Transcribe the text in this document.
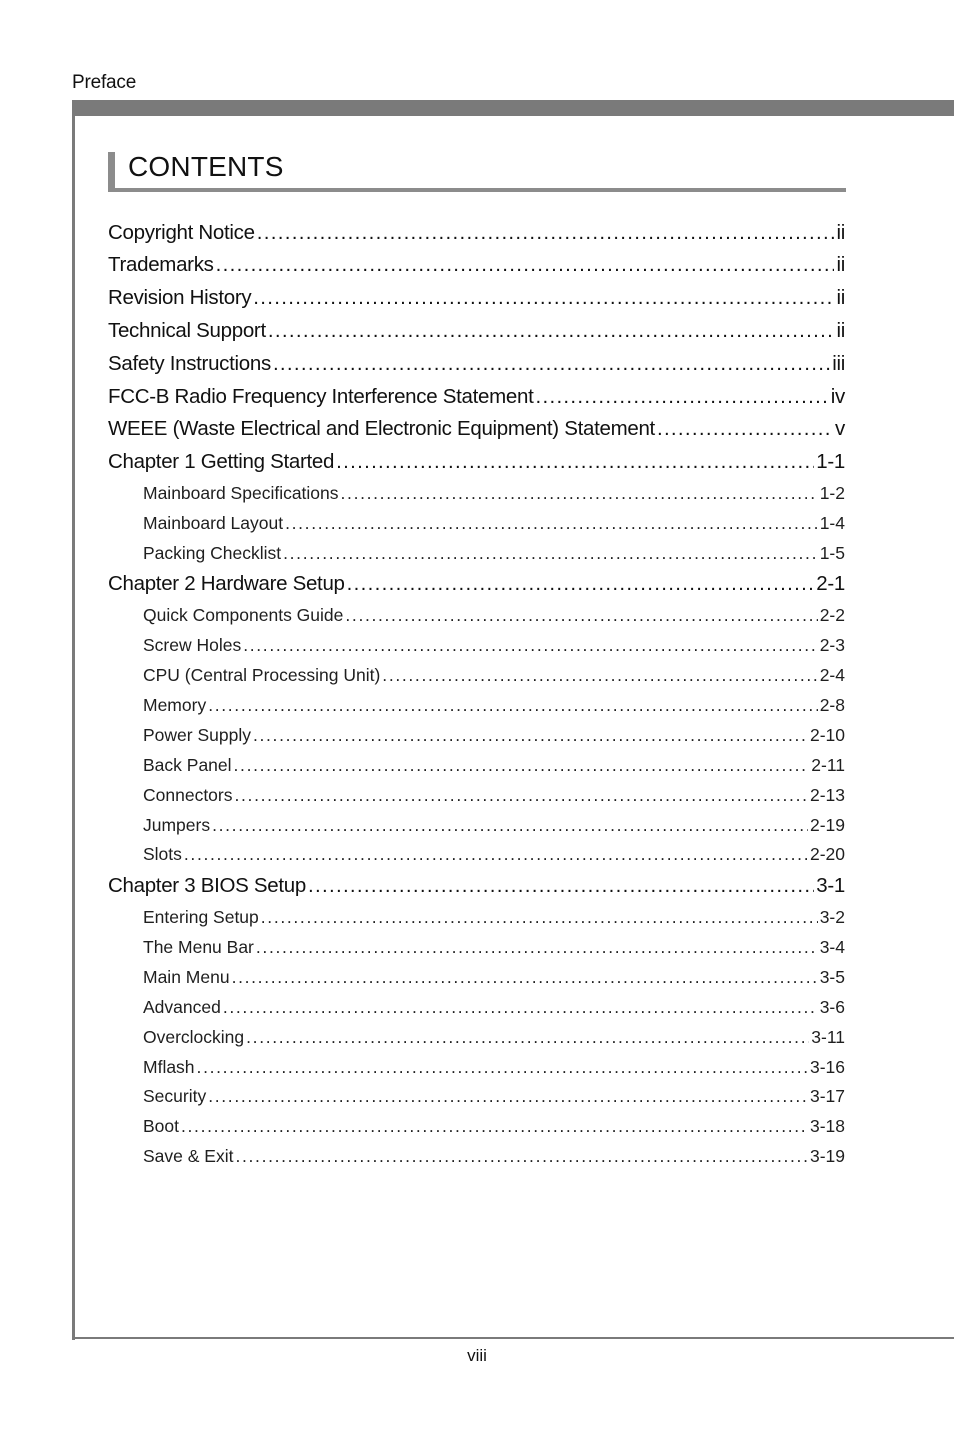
Preface
CONTENTS
Copyright Notice . . .	ii
Trademarks . . .	ii
Revision History . . .	ii
Technical Support . . .	ii
Safety Instructions . . .	iii
FCC-B Radio Frequency Interference Statement . . .	iv
WEEE (Waste Electrical and Electronic Equipment) Statement . . .	v
Chapter 1 Getting Started . . .	1-1
Mainboard Specifications . . .	1-2
Mainboard Layout . . .	1-4
Packing Checklist . . .	1-5
Chapter 2 Hardware Setup . . .	2-1
Quick Components Guide . . .	2-2
Screw Holes . . .	2-3
CPU (Central Processing Unit) . . .	2-4
Memory . . .	2-8
Power Supply . . .	2-10
Back Panel . . .	2-11
Connectors . . .	2-13
Jumpers . . .	2-19
Slots . . .	2-20
Chapter 3 BIOS Setup . . .	3-1
Entering Setup . . .	3-2
The Menu Bar . . .	3-4
Main Menu . . .	3-5
Advanced . . .	3-6
Overclocking . . .	3-11
Mflash . . .	3-16
Security . . .	3-17
Boot . . .	3-18
Save & Exit . . .	3-19
viii
